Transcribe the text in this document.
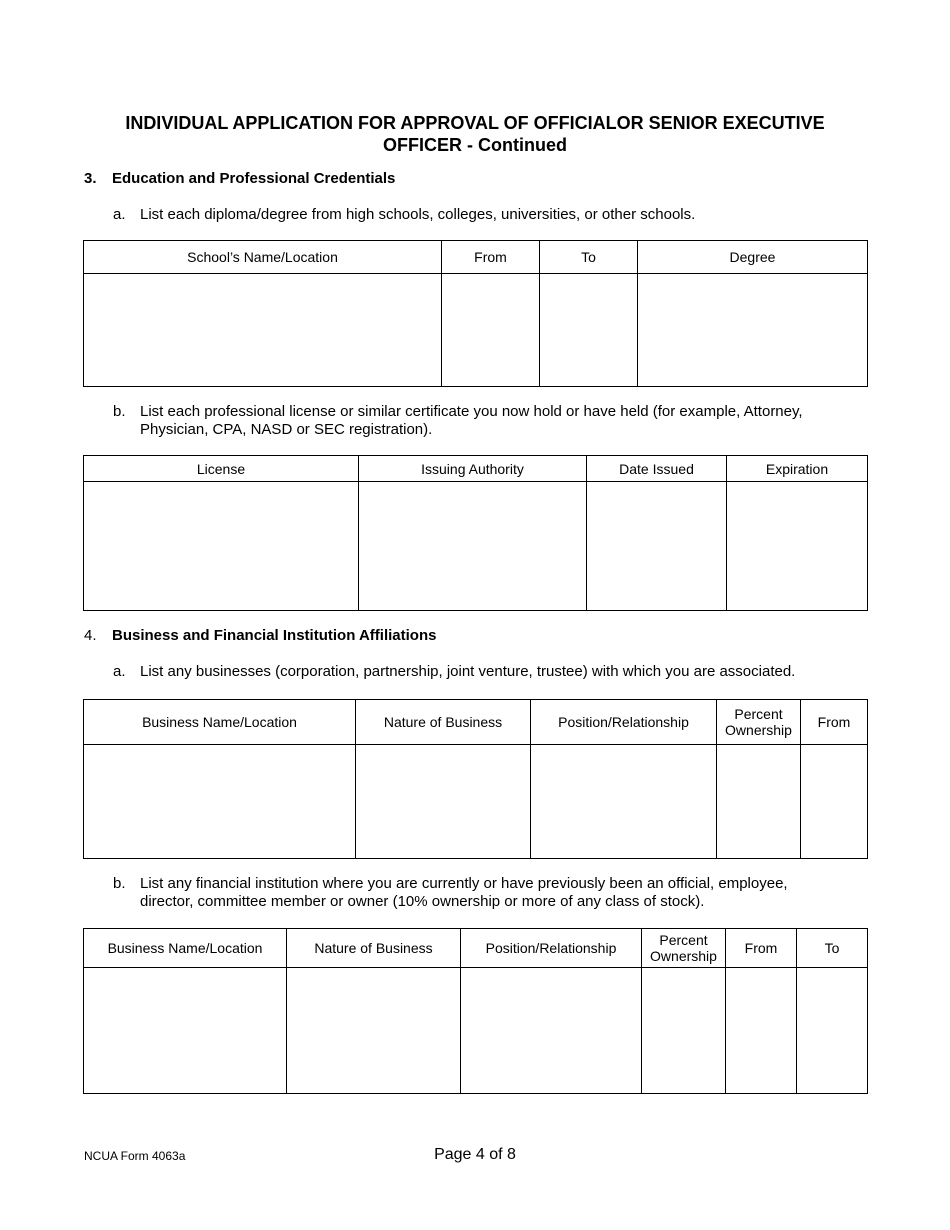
INDIVIDUAL APPLICATION FOR APPROVAL OF OFFICIALOR SENIOR EXECUTIVE
OFFICER - Continued
3. Education and Professional Credentials
a. List each diploma/degree from high schools, colleges, universities, or other schools.
School’s Name/Location	From	To	Degree

b. List each professional license or similar certificate you now hold or have held (for example, Attorney, Physician, CPA, NASD or SEC registration).
License	Issuing Authority	Date Issued	Expiration

4. Business and Financial Institution Affiliations
a. List any businesses (corporation, partnership, joint venture, trustee) with which you are associated.
Business Name/Location	Nature of Business	Position/Relationship	Percent Ownership	From

b. List any financial institution where you are currently or have previously been an official, employee, director, committee member or owner (10% ownership or more of any class of stock).
Business Name/Location	Nature of Business	Position/Relationship	Percent Ownership	From	To

NCUA Form 4063a	Page 4 of 8
